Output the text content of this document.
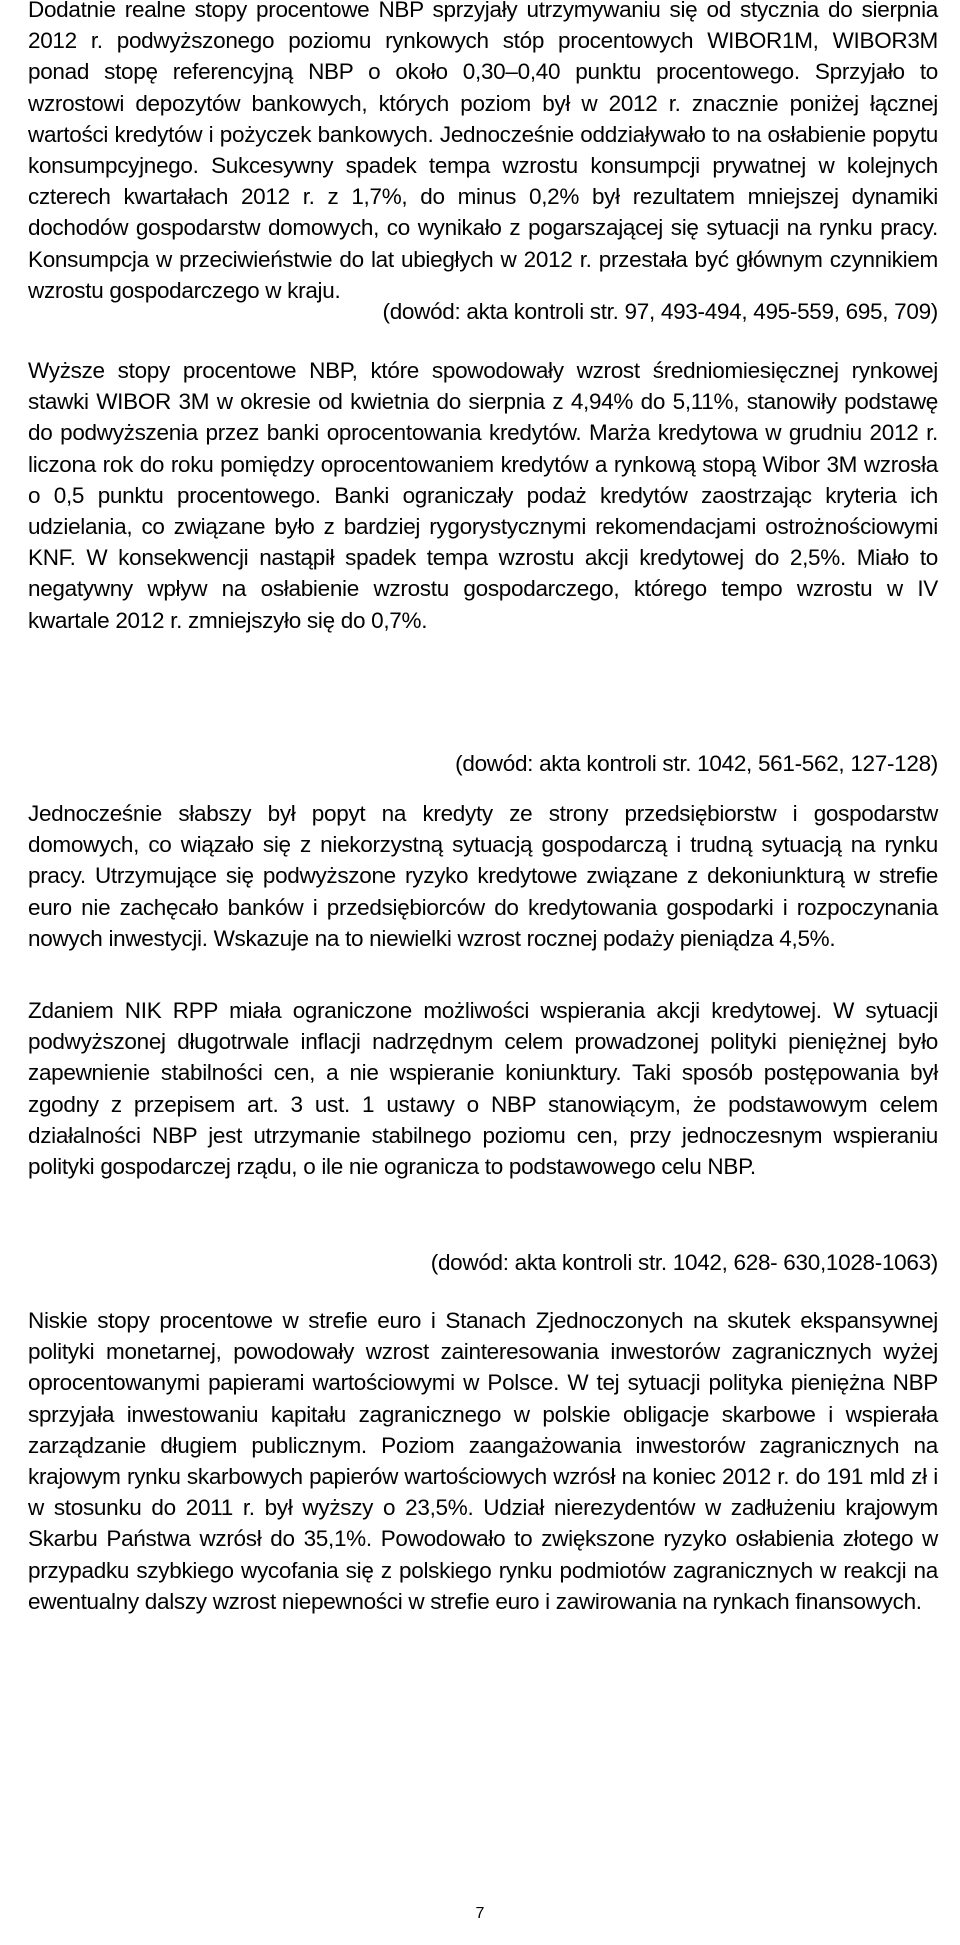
Dodatnie realne stopy procentowe NBP sprzyjały utrzymywaniu się od stycznia do sierpnia 2012 r. podwyższonego poziomu rynkowych stóp procentowych WIBOR1M, WIBOR3M ponad stopę referencyjną NBP o około 0,30–0,40 punktu procentowego. Sprzyjało to wzrostowi depozytów bankowych, których poziom był w 2012 r. znacznie poniżej łącznej wartości kredytów i pożyczek bankowych. Jednocześnie oddziaływało to na osłabienie popytu konsumpcyjnego. Sukcesywny spadek tempa wzrostu konsumpcji prywatnej w kolejnych czterech kwartałach 2012 r. z 1,7%, do minus 0,2% był rezultatem mniejszej dynamiki dochodów gospodarstw domowych, co wynikało z pogarszającej się sytuacji na rynku pracy. Konsumpcja w przeciwieństwie do lat ubiegłych w 2012 r. przestała być głównym czynnikiem wzrostu gospodarczego w kraju.

(dowód: akta kontroli str. 97, 493-494, 495-559, 695, 709)

Wyższe stopy procentowe NBP, które spowodowały wzrost średniomiesięcznej rynkowej stawki WIBOR 3M w okresie od kwietnia do sierpnia z 4,94% do 5,11%, stanowiły podstawę do podwyższenia przez banki oprocentowania kredytów. Marża kredytowa w grudniu 2012 r. liczona rok do roku pomiędzy oprocentowaniem kredytów a rynkową stopą Wibor 3M wzrosła o 0,5 punktu procentowego. Banki ograniczały podaż kredytów zaostrzając kryteria ich udzielania, co związane było z bardziej rygorystycznymi rekomendacjami ostrożnościowymi KNF. W konsekwencji nastąpił spadek tempa wzrostu akcji kredytowej do 2,5%. Miało to negatywny wpływ na osłabienie wzrostu gospodarczego, którego tempo wzrostu w IV kwartale 2012 r. zmniejszyło się do 0,7%.

(dowód: akta kontroli str. 1042, 561-562, 127-128)

Jednocześnie słabszy był popyt na kredyty ze strony przedsiębiorstw i gospodarstw domowych, co wiązało się z niekorzystną sytuacją gospodarczą i trudną sytuacją na rynku pracy. Utrzymujące się podwyższone ryzyko kredytowe związane z dekoniunkturą w strefie euro nie zachęcało banków i przedsiębiorców do kredytowania gospodarki i rozpoczynania nowych inwestycji. Wskazuje na to niewielki wzrost rocznej podaży pieniądza 4,5%.

Zdaniem NIK RPP miała ograniczone możliwości wspierania akcji kredytowej. W sytuacji podwyższonej długotrwale inflacji nadrzędnym celem prowadzonej polityki pieniężnej było zapewnienie stabilności cen, a nie wspieranie koniunktury. Taki sposób postępowania był zgodny z przepisem art. 3 ust. 1 ustawy o NBP stanowiącym, że podstawowym celem działalności NBP jest utrzymanie stabilnego poziomu cen, przy jednoczesnym wspieraniu polityki gospodarczej rządu, o ile nie ogranicza to podstawowego celu NBP.

(dowód: akta kontroli str. 1042, 628- 630,1028-1063)

Niskie stopy procentowe w strefie euro i Stanach Zjednoczonych na skutek ekspansywnej polityki monetarnej, powodowały wzrost zainteresowania inwestorów zagranicznych wyżej oprocentowanymi papierami wartościowymi w Polsce. W tej sytuacji polityka pieniężna NBP sprzyjała inwestowaniu kapitału zagranicznego w polskie obligacje skarbowe i wspierała zarządzanie długiem publicznym. Poziom zaangażowania inwestorów zagranicznych na krajowym rynku skarbowych papierów wartościowych wzrósł na koniec 2012 r. do 191 mld zł i w stosunku do 2011 r. był wyższy o 23,5%. Udział nierezydentów w zadłużeniu krajowym Skarbu Państwa wzrósł do 35,1%. Powodowało to zwiększone ryzyko osłabienia złotego w przypadku szybkiego wycofania się z polskiego rynku podmiotów zagranicznych w reakcji na ewentualny dalszy wzrost niepewności w strefie euro i zawirowania na rynkach finansowych.

7
